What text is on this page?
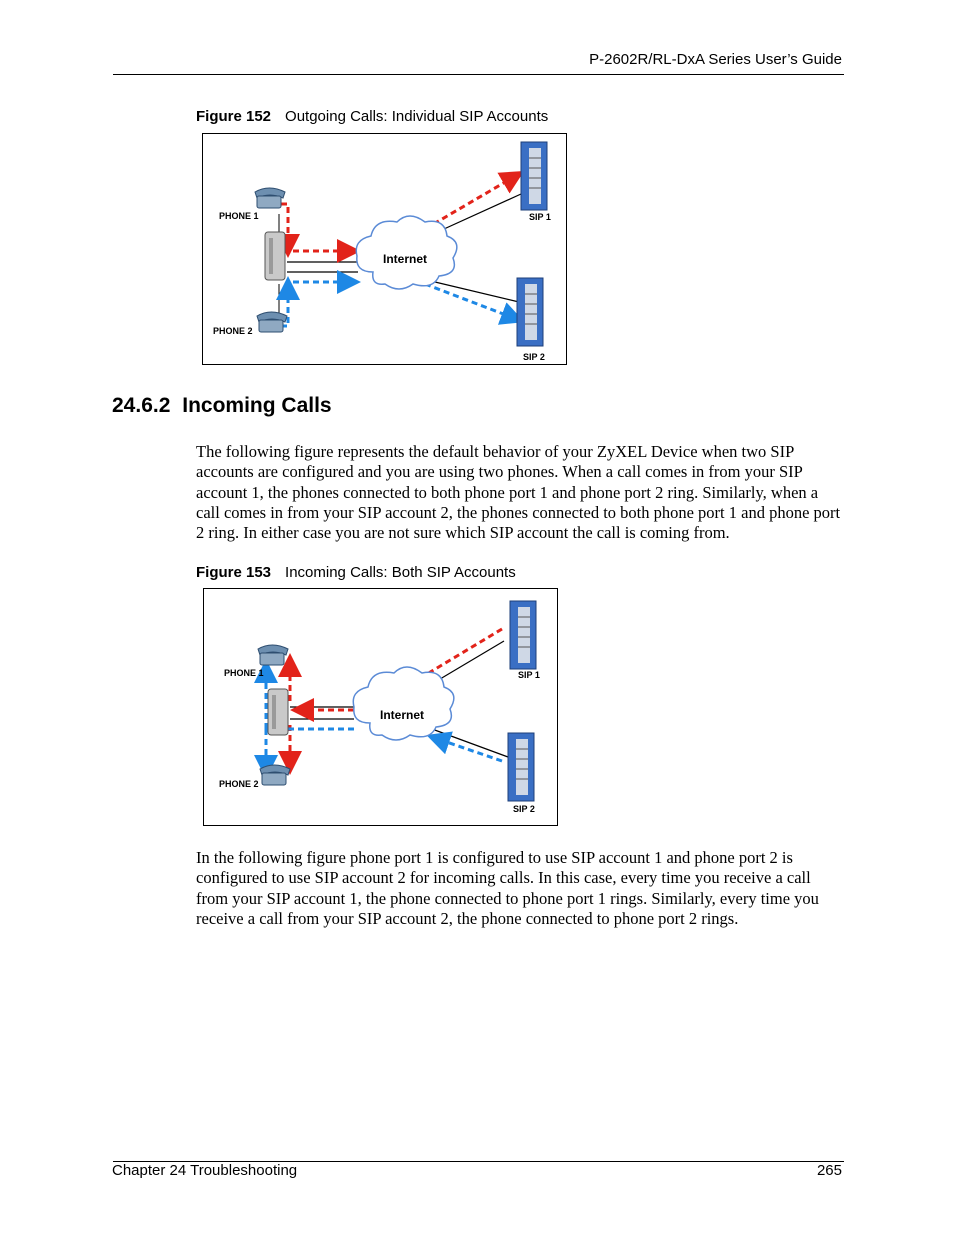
P-2602R/RL-DxA Series User’s Guide
Figure 152 Outgoing Calls: Individual SIP Accounts
PHONE 1
PHONE 2
Internet
SIP 1
SIP 2
24.6.2 Incoming Calls

The following figure represents the default behavior of your ZyXEL Device when two SIP accounts are configured and you are using two phones. When a call comes in from your SIP account 1, the phones connected to both phone port 1 and phone port 2 ring. Similarly, when a call comes in from your SIP account 2, the phones connected to both phone port 1 and phone port 2 ring. In either case you are not sure which SIP account the call is coming from.

Figure 153 Incoming Calls: Both SIP Accounts
PHONE 1
PHONE 2
Internet
SIP 1
SIP 2

In the following figure phone port 1 is configured to use SIP account 1 and phone port 2 is configured to use SIP account 2 for incoming calls. In this case, every time you receive a call from your SIP account 1, the phone connected to phone port 1 rings. Similarly, every time you receive a call from your SIP account 2, the phone connected to phone port 2 rings.

Chapter 24 Troubleshooting	265
